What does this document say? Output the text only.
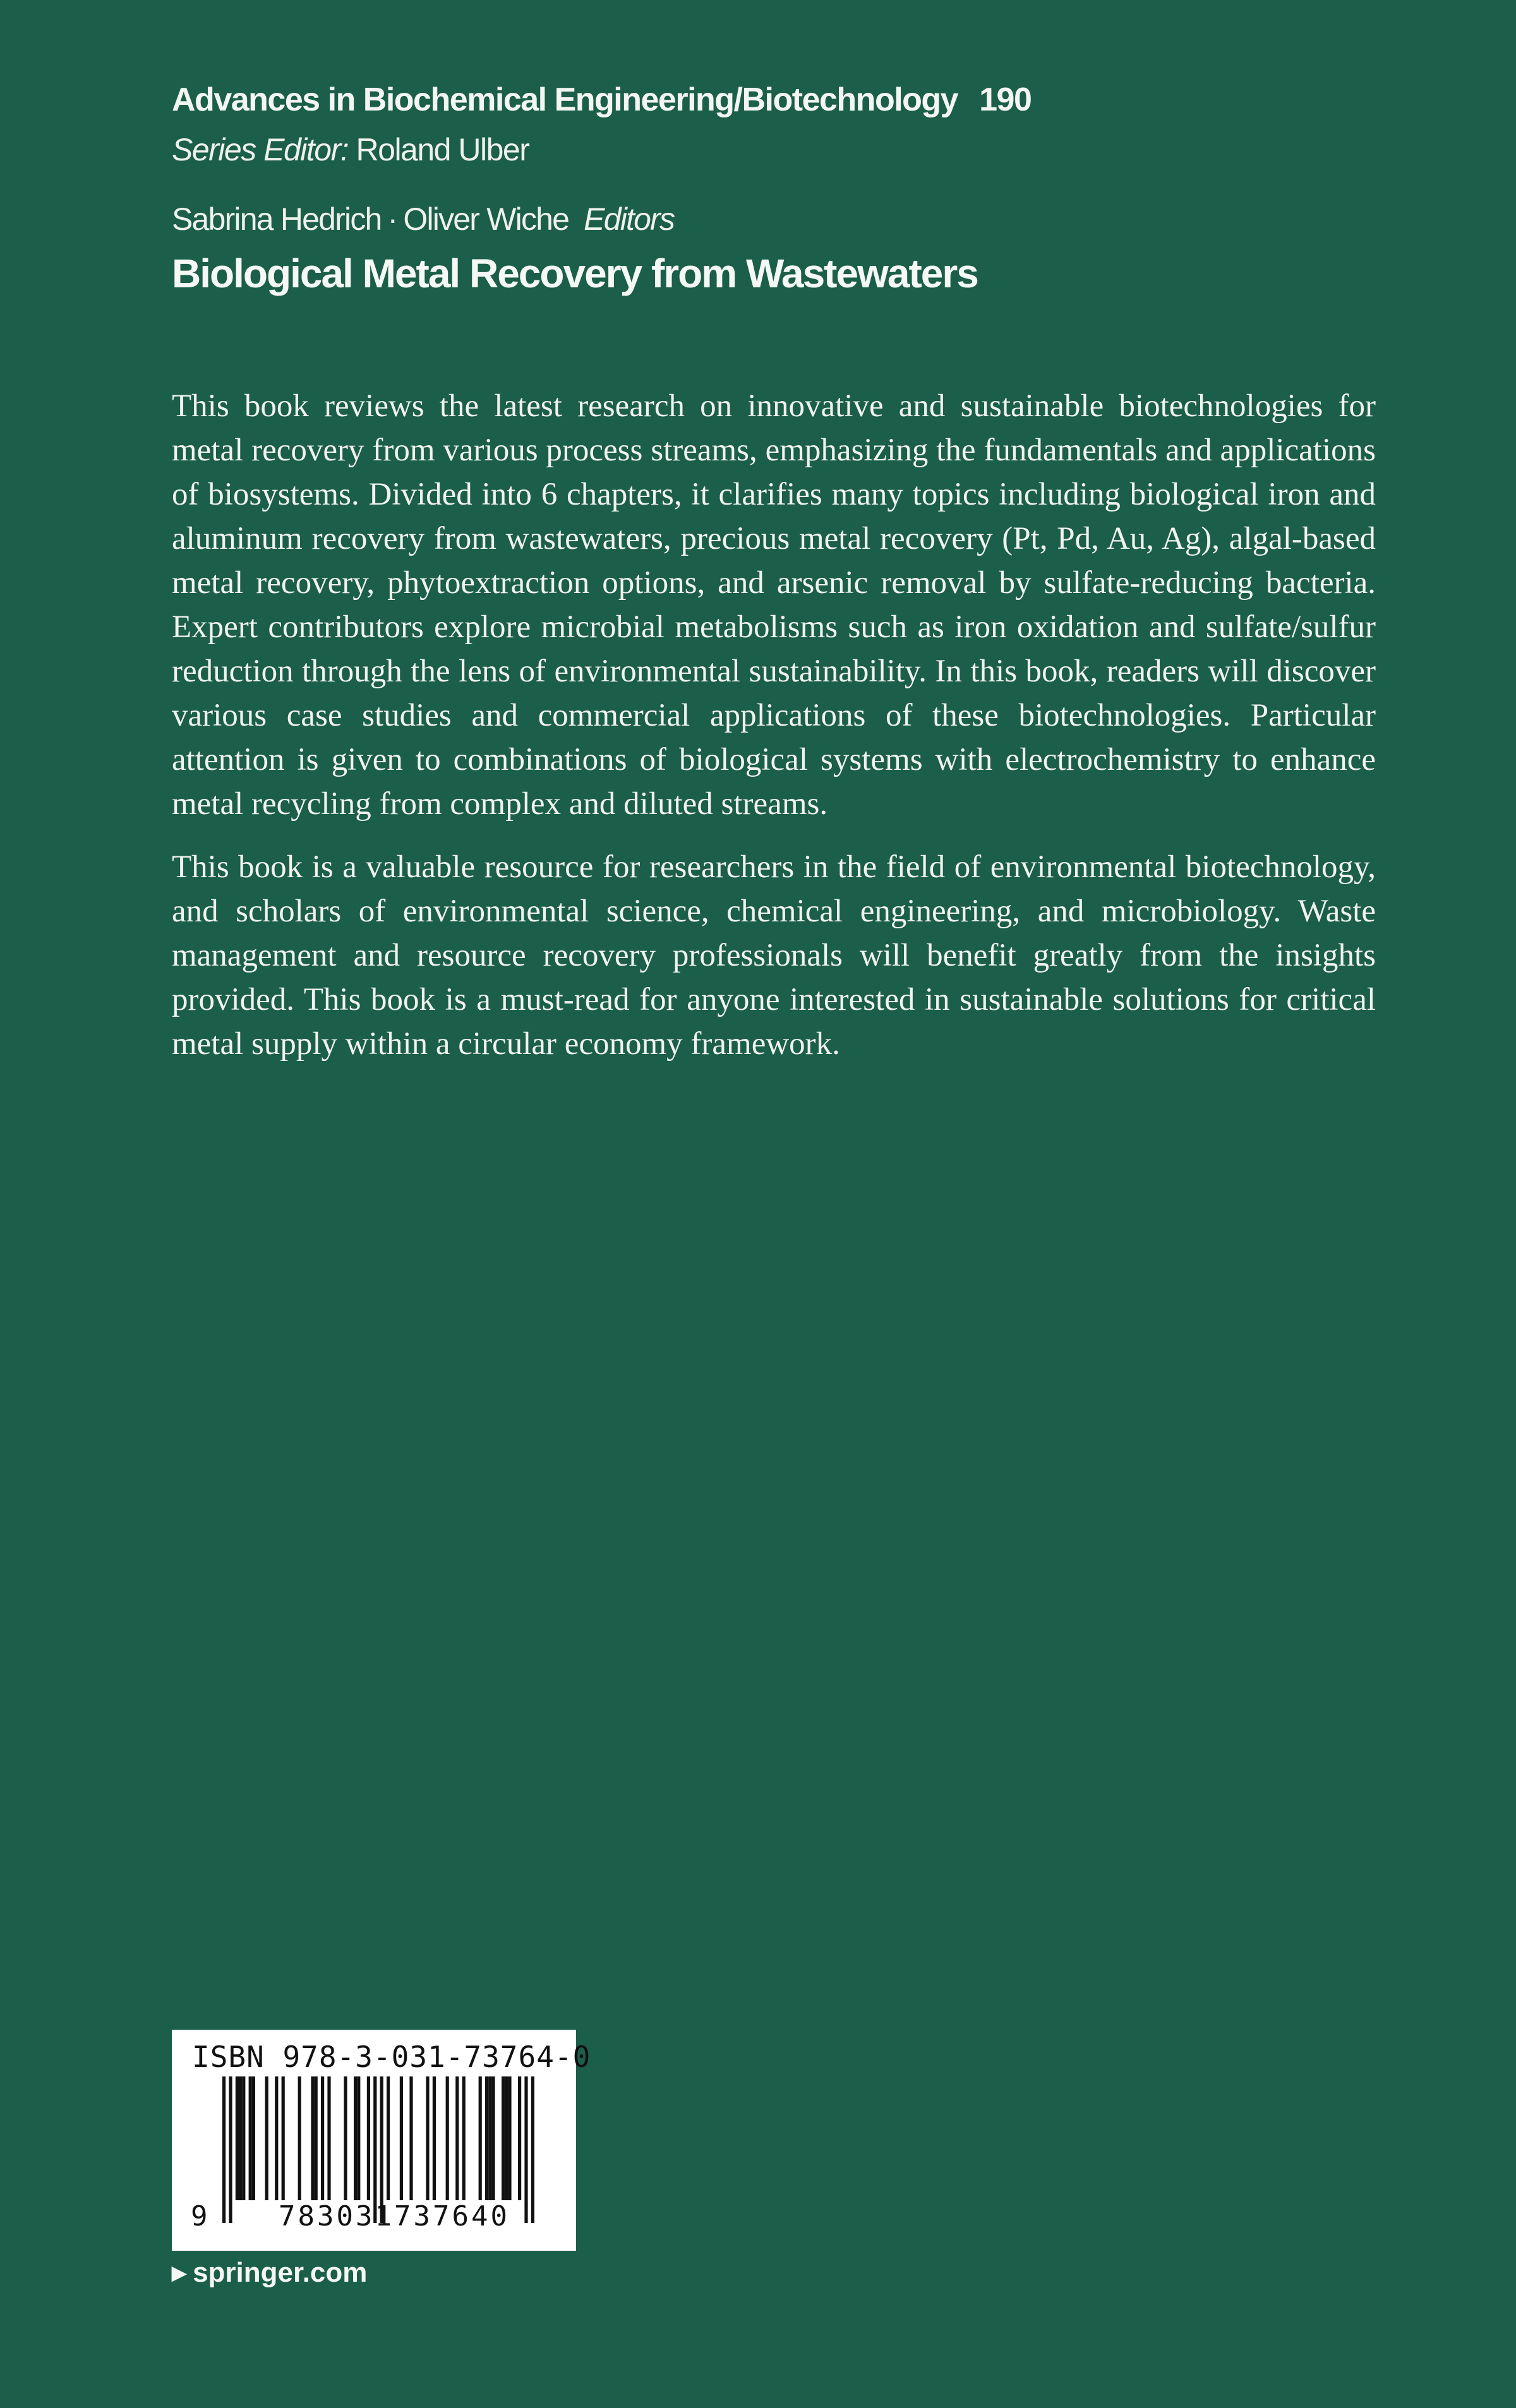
Advances in Biochemical Engineering/Biotechnology 190
Series Editor: Roland Ulber
Sabrina Hedrich · Oliver Wiche Editors
Biological Metal Recovery from Wastewaters

This book reviews the latest research on innovative and sustainable biotechnologies for metal recovery from various process streams, emphasizing the fundamentals and applications of biosystems. Divided into 6 chapters, it clarifies many topics including biological iron and aluminum recovery from wastewaters, precious metal recovery (Pt, Pd, Au, Ag), algal-based metal recovery, phytoextraction options, and arsenic removal by sulfate-reducing bacteria. Expert contributors explore microbial metabolisms such as iron oxidation and sulfate/sulfur reduction through the lens of environmental sustainability. In this book, readers will discover various case studies and commercial applications of these biotechnologies. Particular attention is given to combinations of biological systems with electrochemistry to enhance metal recycling from complex and diluted streams.

This book is a valuable resource for researchers in the field of environmental biotechnology, and scholars of environmental science, chemical engineering, and microbiology. Waste management and resource recovery professionals will benefit greatly from the insights provided. This book is a must-read for anyone interested in sustainable solutions for critical metal supply within a circular economy framework.

ISBN 978-3-031-73764-0
9	783031737640
▶ springer.com
